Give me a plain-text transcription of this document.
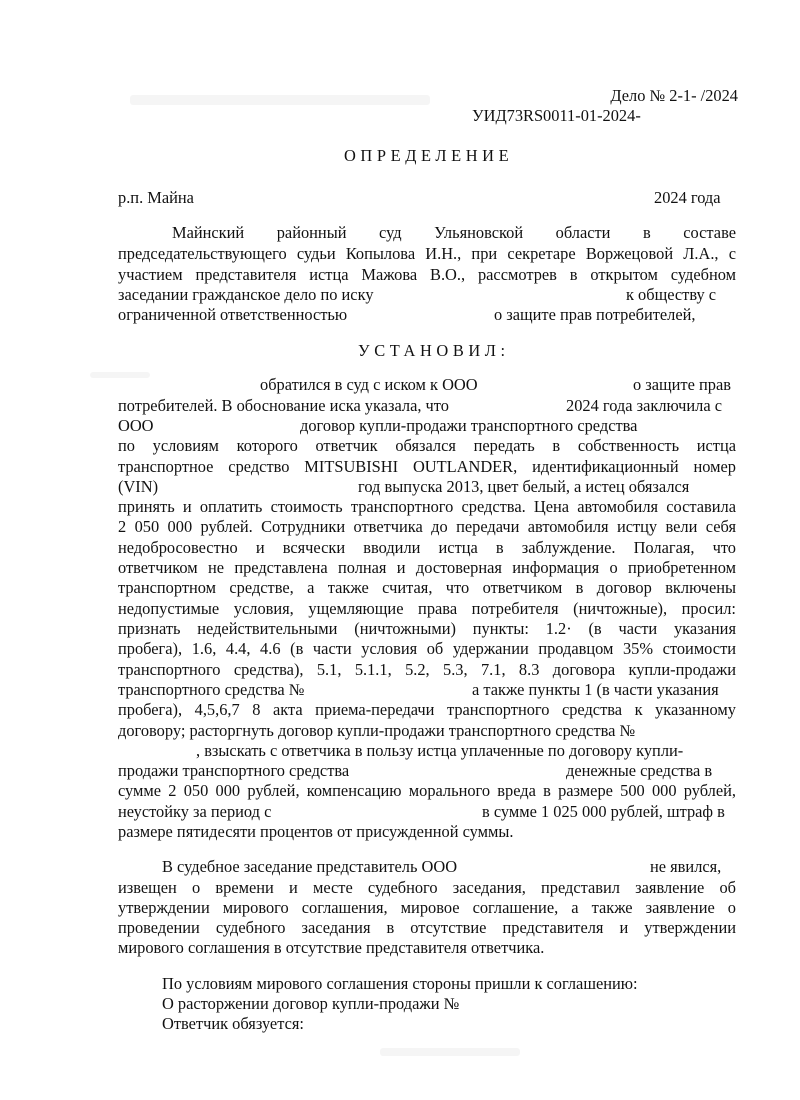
Дело № 2-1- /2024
УИД73RS0011-01-2024-
ОПРЕДЕЛЕНИЕ
р.п. Майна	2024 года
Майнский районный суд Ульяновской области в составе
председательствующего судьи Копылова И.Н., при секретаре Воржецовой Л.А., с
участием представителя истца Мажова В.О., рассмотрев в открытом судебном
заседании гражданское дело по иску	к обществу с
ограниченной ответственностью	о защите прав потребителей,
УСТАНОВИЛ:
обратился в суд с иском к ООО	о защите прав
потребителей. В обоснование иска указала, что	2024 года заключила с
ООО	договор купли-продажи транспортного средства
по условиям которого ответчик обязался передать в собственность истца
транспортное средство MITSUBISHI OUTLANDER, идентификационный номер
(VIN)	год выпуска 2013, цвет белый, а истец обязался
принять и оплатить стоимость транспортного средства. Цена автомобиля составила
2 050 000 рублей. Сотрудники ответчика до передачи автомобиля истцу вели себя
недобросовестно и всячески вводили истца в заблуждение. Полагая, что
ответчиком не представлена полная и достоверная информация о приобретенном
транспортном средстве, а также считая, что ответчиком в договор включены
недопустимые условия, ущемляющие права потребителя (ничтожные), просил:
признать недействительными (ничтожными) пункты: 1.2· (в части указания
пробега), 1.6, 4.4, 4.6 (в части условия об удержании продавцом 35% стоимости
транспортного средства), 5.1, 5.1.1, 5.2, 5.3, 7.1, 8.3 договора купли-продажи
транспортного средства №	а также пункты 1 (в части указания
пробега), 4,5,6,7 8 акта приема-передачи транспортного средства к указанному
договору; расторгнуть договор купли-продажи транспортного средства №
, взыскать с ответчика в пользу истца уплаченные по договору купли-
продажи транспортного средства	денежные средства в
сумме 2 050 000 рублей, компенсацию морального вреда в размере 500 000 рублей,
неустойку за период с	в сумме 1 025 000 рублей, штраф в
размере пятидесяти процентов от присужденной суммы.
В судебное заседание представитель ООО	не явился,
извещен о времени и месте судебного заседания, представил заявление об
утверждении мирового соглашения, мировое соглашение, а также заявление о
проведении судебного заседания в отсутствие представителя и утверждении
мирового соглашения в отсутствие представителя ответчика.
По условиям мирового соглашения стороны пришли к соглашению:
О расторжении договор купли-продажи №
Ответчик обязуется:
